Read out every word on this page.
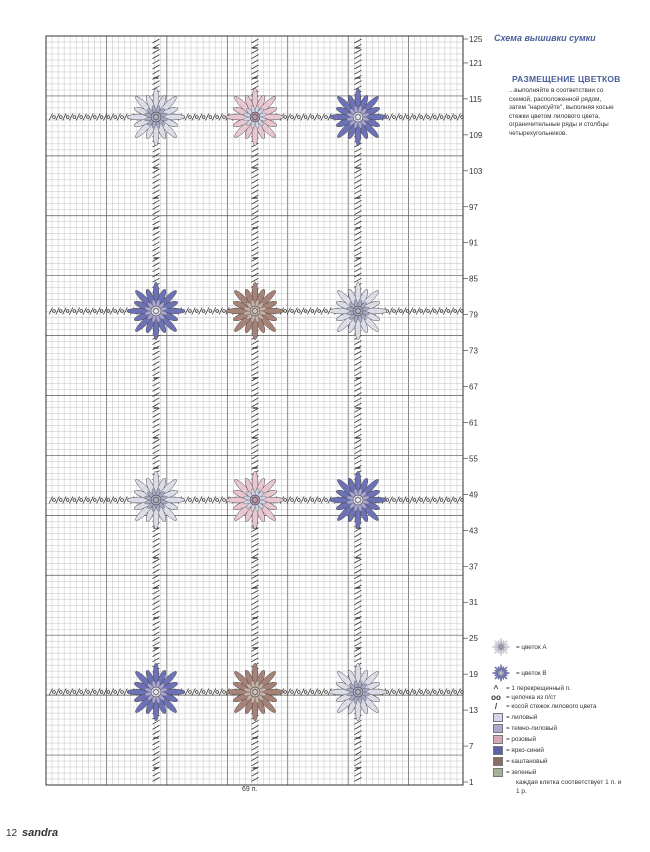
125
121
115
109
103
97
91
85
79
73
67
61
55
49
43
37
31
25
19
13
7
1
Схема вышивки сумки
РАЗМЕЩЕНИЕ ЦВЕТКОВ
...выполняйте в соответствии со схемой, расположенной рядом, затем "нарисуйте", выполняя косые стежки цветом лилового цвета, ограничительные ряды и столбцы четырехугольников.
69 п.
= цветок А
= цветок В
^	= 1 перекрещенный п.
oo = цепочка из п/ст
/	= косой стежок лилового цвета
= лиловый
= темно-лиловый
= розовый
= ярко-синий
= каштановый
= зеленый
каждая клетка соответствует 1 п. и 1 р.
12 sandra
